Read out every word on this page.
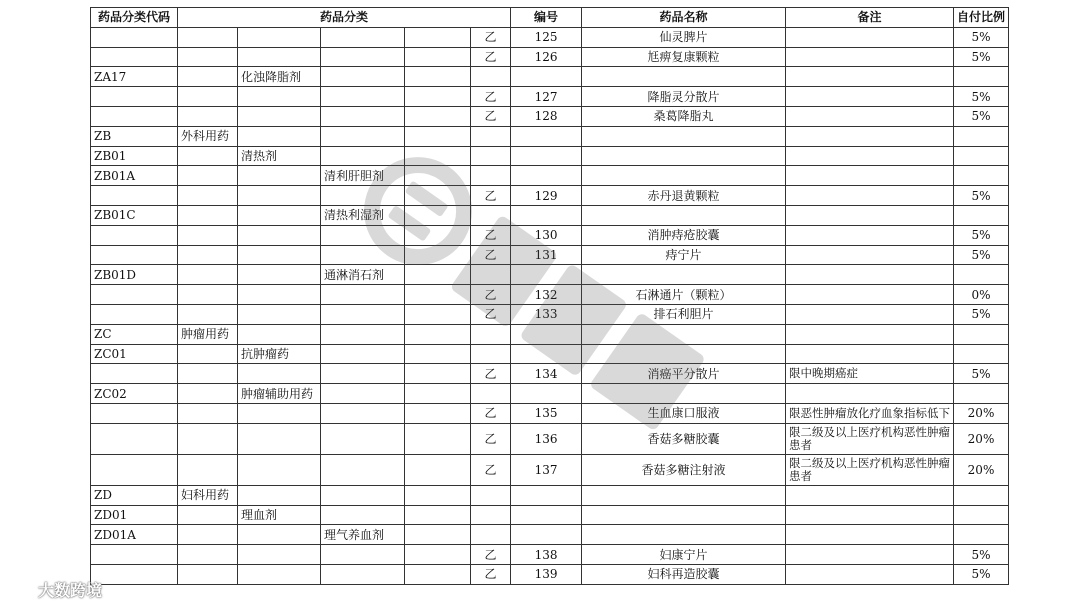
药品分类代码	药品分类					编号	药品名称	备注	自付比例
					乙	125	仙灵脾片		5%
					乙	126	尪痹复康颗粒		5%
ZA17		化浊降脂剂							
					乙	127	降脂灵分散片		5%
					乙	128	桑葛降脂丸		5%
ZB	外科用药								
ZB01		清热剂							
ZB01A			清利肝胆剂						
					乙	129	赤丹退黄颗粒		5%
ZB01C			清热利湿剂						
					乙	130	消肿痔疮胶囊		5%
					乙	131	痔宁片		5%
ZB01D			通淋消石剂						
					乙	132	石淋通片（颗粒）		0%
					乙	133	排石利胆片		5%
ZC	肿瘤用药								
ZC01		抗肿瘤药							
					乙	134	消癌平分散片	限中晚期癌症	5%
ZC02		肿瘤辅助用药							
					乙	135	生血康口服液	限恶性肿瘤放化疗血象指标低下	20%
					乙	136	香菇多糖胶囊	限二级及以上医疗机构恶性肿瘤患者	20%
					乙	137	香菇多糖注射液	限二级及以上医疗机构恶性肿瘤患者	20%
ZD	妇科用药								
ZD01		理血剂							
ZD01A			理气养血剂						
					乙	138	妇康宁片		5%
					乙	139	妇科再造胶囊		5%
大数跨境
